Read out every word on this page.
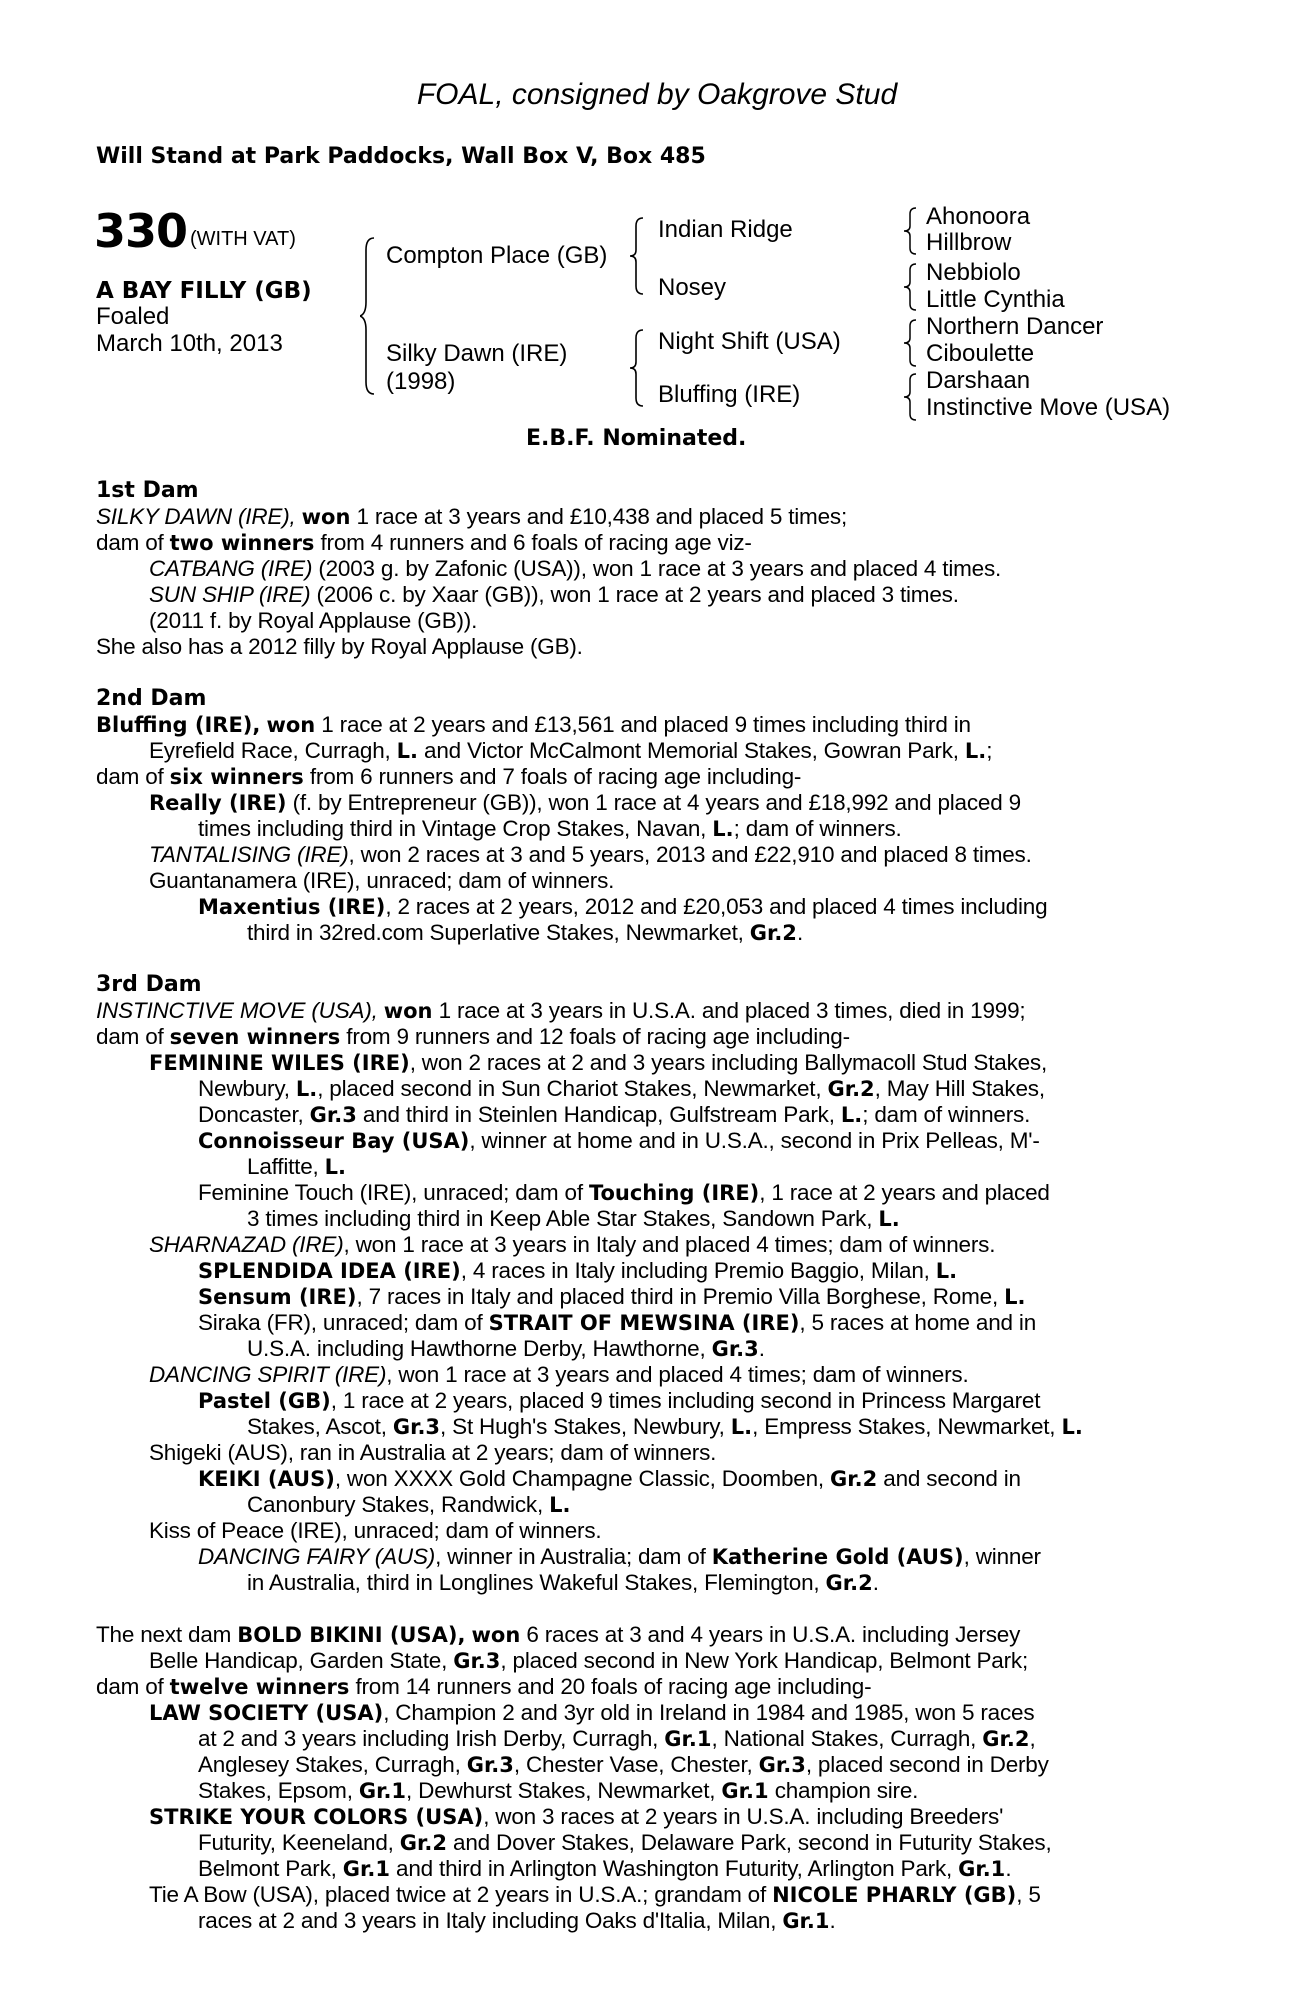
FOAL, consigned by Oakgrove Stud
Will Stand at Park Paddocks, Wall Box V, Box 485
330 (WITH VAT)
A BAY FILLY (GB)
Foaled
March 10th, 2013
Compton Place (GB)
Silky Dawn (IRE)
(1998)
Indian Ridge
Nosey
Night Shift (USA)
Bluffing (IRE)
Ahonoora
Hillbrow
Nebbiolo
Little Cynthia
Northern Dancer
Ciboulette
Darshaan
Instinctive Move (USA)
E.B.F. Nominated.
1st Dam
SILKY DAWN (IRE), won 1 race at 3 years and £10,438 and placed 5 times;
dam of two winners from 4 runners and 6 foals of racing age viz-
CATBANG (IRE) (2003 g. by Zafonic (USA)), won 1 race at 3 years and placed 4 times.
SUN SHIP (IRE) (2006 c. by Xaar (GB)), won 1 race at 2 years and placed 3 times.
(2011 f. by Royal Applause (GB)).
She also has a 2012 filly by Royal Applause (GB).
2nd Dam
Bluffing (IRE), won 1 race at 2 years and £13,561 and placed 9 times including third in
Eyrefield Race, Curragh, L. and Victor McCalmont Memorial Stakes, Gowran Park, L.;
dam of six winners from 6 runners and 7 foals of racing age including-
Really (IRE) (f. by Entrepreneur (GB)), won 1 race at 4 years and £18,992 and placed 9
times including third in Vintage Crop Stakes, Navan, L.; dam of winners.
TANTALISING (IRE), won 2 races at 3 and 5 years, 2013 and £22,910 and placed 8 times.
Guantanamera (IRE), unraced; dam of winners.
Maxentius (IRE), 2 races at 2 years, 2012 and £20,053 and placed 4 times including
third in 32red.com Superlative Stakes, Newmarket, Gr.2.
3rd Dam
INSTINCTIVE MOVE (USA), won 1 race at 3 years in U.S.A. and placed 3 times, died in 1999;
dam of seven winners from 9 runners and 12 foals of racing age including-
FEMININE WILES (IRE), won 2 races at 2 and 3 years including Ballymacoll Stud Stakes,
Newbury, L., placed second in Sun Chariot Stakes, Newmarket, Gr.2, May Hill Stakes,
Doncaster, Gr.3 and third in Steinlen Handicap, Gulfstream Park, L.; dam of winners.
Connoisseur Bay (USA), winner at home and in U.S.A., second in Prix Pelleas, M'-
Laffitte, L.
Feminine Touch (IRE), unraced; dam of Touching (IRE), 1 race at 2 years and placed
3 times including third in Keep Able Star Stakes, Sandown Park, L.
SHARNAZAD (IRE), won 1 race at 3 years in Italy and placed 4 times; dam of winners.
SPLENDIDA IDEA (IRE), 4 races in Italy including Premio Baggio, Milan, L.
Sensum (IRE), 7 races in Italy and placed third in Premio Villa Borghese, Rome, L.
Siraka (FR), unraced; dam of STRAIT OF MEWSINA (IRE), 5 races at home and in
U.S.A. including Hawthorne Derby, Hawthorne, Gr.3.
DANCING SPIRIT (IRE), won 1 race at 3 years and placed 4 times; dam of winners.
Pastel (GB), 1 race at 2 years, placed 9 times including second in Princess Margaret
Stakes, Ascot, Gr.3, St Hugh's Stakes, Newbury, L., Empress Stakes, Newmarket, L.
Shigeki (AUS), ran in Australia at 2 years; dam of winners.
KEIKI (AUS), won XXXX Gold Champagne Classic, Doomben, Gr.2 and second in
Canonbury Stakes, Randwick, L.
Kiss of Peace (IRE), unraced; dam of winners.
DANCING FAIRY (AUS), winner in Australia; dam of Katherine Gold (AUS), winner
in Australia, third in Longlines Wakeful Stakes, Flemington, Gr.2.
The next dam BOLD BIKINI (USA), won 6 races at 3 and 4 years in U.S.A. including Jersey
Belle Handicap, Garden State, Gr.3, placed second in New York Handicap, Belmont Park;
dam of twelve winners from 14 runners and 20 foals of racing age including-
LAW SOCIETY (USA), Champion 2 and 3yr old in Ireland in 1984 and 1985, won 5 races
at 2 and 3 years including Irish Derby, Curragh, Gr.1, National Stakes, Curragh, Gr.2,
Anglesey Stakes, Curragh, Gr.3, Chester Vase, Chester, Gr.3, placed second in Derby
Stakes, Epsom, Gr.1, Dewhurst Stakes, Newmarket, Gr.1 champion sire.
STRIKE YOUR COLORS (USA), won 3 races at 2 years in U.S.A. including Breeders'
Futurity, Keeneland, Gr.2 and Dover Stakes, Delaware Park, second in Futurity Stakes,
Belmont Park, Gr.1 and third in Arlington Washington Futurity, Arlington Park, Gr.1.
Tie A Bow (USA), placed twice at 2 years in U.S.A.; grandam of NICOLE PHARLY (GB), 5
races at 2 and 3 years in Italy including Oaks d'Italia, Milan, Gr.1.
